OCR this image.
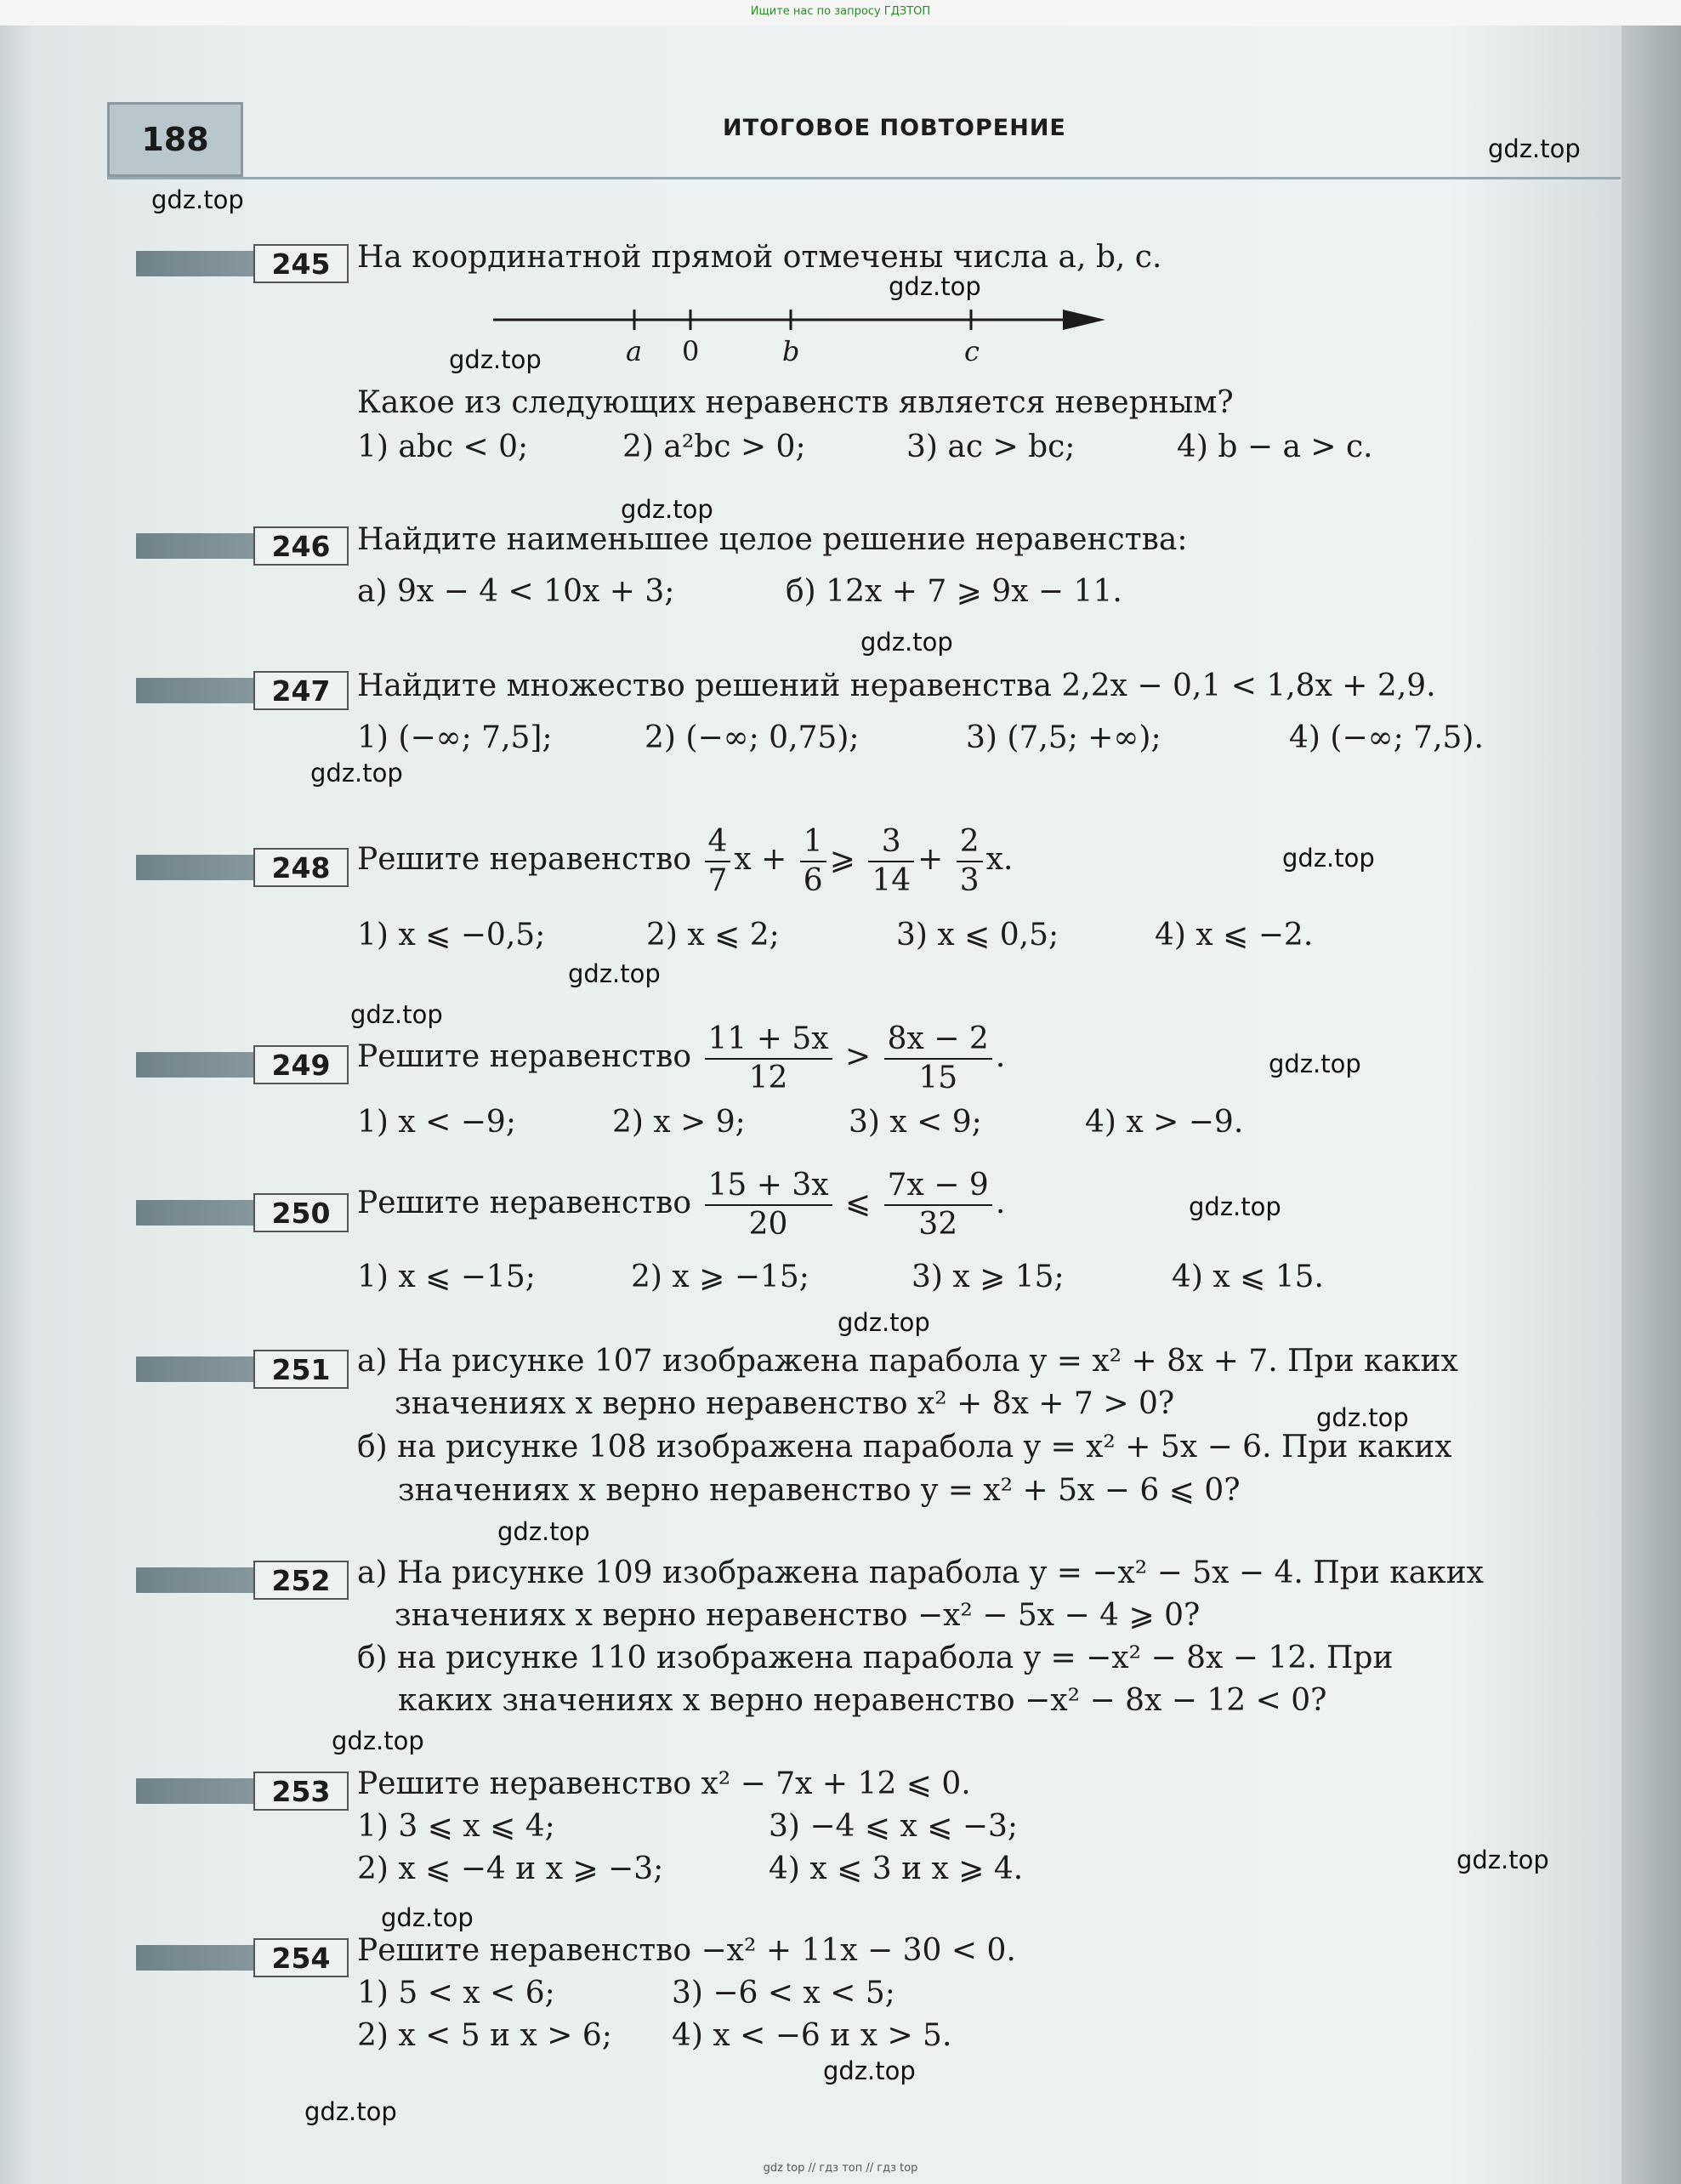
Ищите нас по запросу ГДЗТОП
188	ИТОГОВОЕ ПОВТОРЕНИЕ
gdz.top
gdz.top
gdz.top
gdz.top
gdz.top
gdz.top
gdz.top
gdz.top
gdz.top
gdz.top
gdz.top
gdz.top
gdz.top
gdz.top
gdz.top
gdz.top
gdz.top
gdz.top
gdz.top
gdz.top
245 На координатной прямой отмечены числа a, b, c.
a 0	b	c
Какое из следующих неравенств является неверным?
1) abc < 0;	2) a²bc > 0;	3) ac > bc;	4) b − a > c.
246 Найдите наименьшее целое решение неравенства:
а) 9x − 4 < 10x + 3;	б) 12x + 7 ⩾ 9x − 11.
247 Найдите множество решений неравенства 2,2x − 0,1 < 1,8x + 2,9.
1) (−∞; 7,5];	2) (−∞; 0,75);	3) (7,5; +∞);	4) (−∞; 7,5).
248 Решите неравенство $\frac{4}{7}$ $x + \frac{1}{6}$ ⩾ $\frac{3}{14} + \frac{2}{3} x$.
1) x ⩽ −0,5;	2) x ⩽ 2;	3) x ⩽ 0,5;	4) x ⩽ −2.
249 Решите неравенство $\frac{11 + 5x}{12} > \frac{8x - 2}{15}$ .
1) x < −9;	2) x > 9;	3) x < 9;	4) x > −9.
250 Решите неравенство $\frac{15 + 3x}{20}$ ⩽ $\frac{7x - 9}{32}$ .
1) x ⩽ −15;	2) x ⩾ −15;	3) x ⩾ 15;	4) x ⩽ 15.
251 а) На рисунке 107 изображена парабола y = x² + 8x + 7. При каких
значениях x верно неравенство x² + 8x + 7 > 0?
б) на рисунке 108 изображена парабола y = x² + 5x − 6. При каких
значениях x верно неравенство y = x² + 5x − 6 ⩽ 0?
252 а) На рисунке 109 изображена парабола y = −x² − 5x − 4. При каких
значениях x верно неравенство −x² − 5x − 4 ⩾ 0?
б) на рисунке 110 изображена парабола y = −x² − 8x − 12. При
каких значениях x верно неравенство −x² − 8x − 12 < 0?
253 Решите неравенство x² − 7x + 12 ⩽ 0.
1) 3 ⩽ x ⩽ 4;	3) −4 ⩽ x ⩽ −3;
2) x ⩽ −4 и x ⩾ −3;	4) x ⩽ 3 и x ⩾ 4.
254 Решите неравенство −x² + 11x − 30 < 0.
1) 5 < x < 6;	3) −6 < x < 5;
2) x < 5 и x > 6; 4) x < −6 и x > 5.
gdz top // гдз топ // гдз top
